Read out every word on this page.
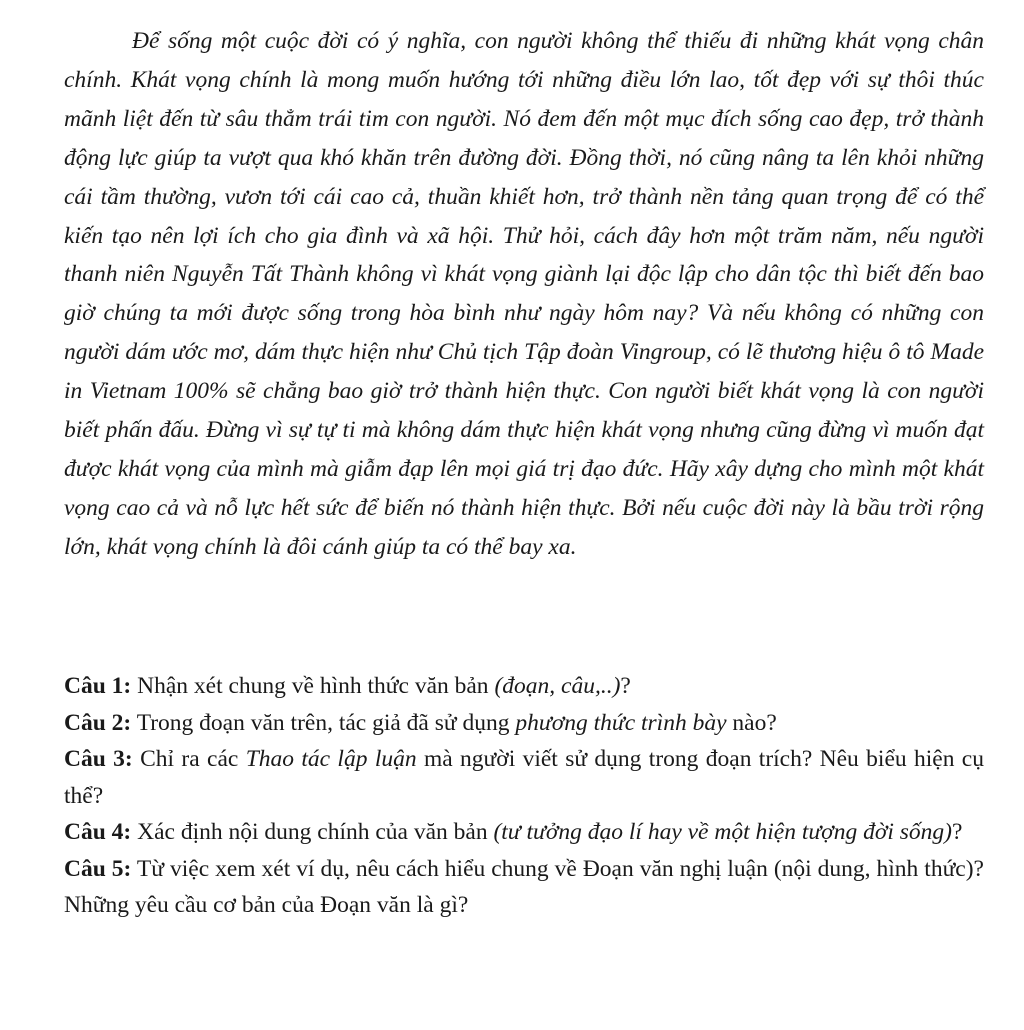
Để sống một cuộc đời có ý nghĩa, con người không thể thiếu đi những khát vọng chân chính. Khát vọng chính là mong muốn hướng tới những điều lớn lao, tốt đẹp với sự thôi thúc mãnh liệt đến từ sâu thẳm trái tim con người. Nó đem đến một mục đích sống cao đẹp, trở thành động lực giúp ta vượt qua khó khăn trên đường đời. Đồng thời, nó cũng nâng ta lên khỏi những cái tầm thường, vươn tới cái cao cả, thuần khiết hơn, trở thành nền tảng quan trọng để có thể kiến tạo nên lợi ích cho gia đình và xã hội. Thử hỏi, cách đây hơn một trăm năm, nếu người thanh niên Nguyễn Tất Thành không vì khát vọng giành lại độc lập cho dân tộc thì biết đến bao giờ chúng ta mới được sống trong hòa bình như ngày hôm nay? Và nếu không có những con người dám ước mơ, dám thực hiện như Chủ tịch Tập đoàn Vingroup, có lẽ thương hiệu ô tô Made in Vietnam 100% sẽ chẳng bao giờ trở thành hiện thực. Con người biết khát vọng là con người biết phấn đấu. Đừng vì sự tự ti mà không dám thực hiện khát vọng nhưng cũng đừng vì muốn đạt được khát vọng của mình mà giẫm đạp lên mọi giá trị đạo đức. Hãy xây dựng cho mình một khát vọng cao cả và nỗ lực hết sức để biến nó thành hiện thực. Bởi nếu cuộc đời này là bầu trời rộng lớn, khát vọng chính là đôi cánh giúp ta có thể bay xa.

Câu 1: Nhận xét chung về hình thức văn bản (đoạn, câu,..)?
Câu 2: Trong đoạn văn trên, tác giả đã sử dụng phương thức trình bày nào?
Câu 3: Chỉ ra các Thao tác lập luận mà người viết sử dụng trong đoạn trích? Nêu biểu hiện cụ thể?
Câu 4: Xác định nội dung chính của văn bản (tư tưởng đạo lí hay về một hiện tượng đời sống)?
Câu 5: Từ việc xem xét ví dụ, nêu cách hiểu chung về Đoạn văn nghị luận (nội dung, hình thức)? Những yêu cầu cơ bản của Đoạn văn là gì?
